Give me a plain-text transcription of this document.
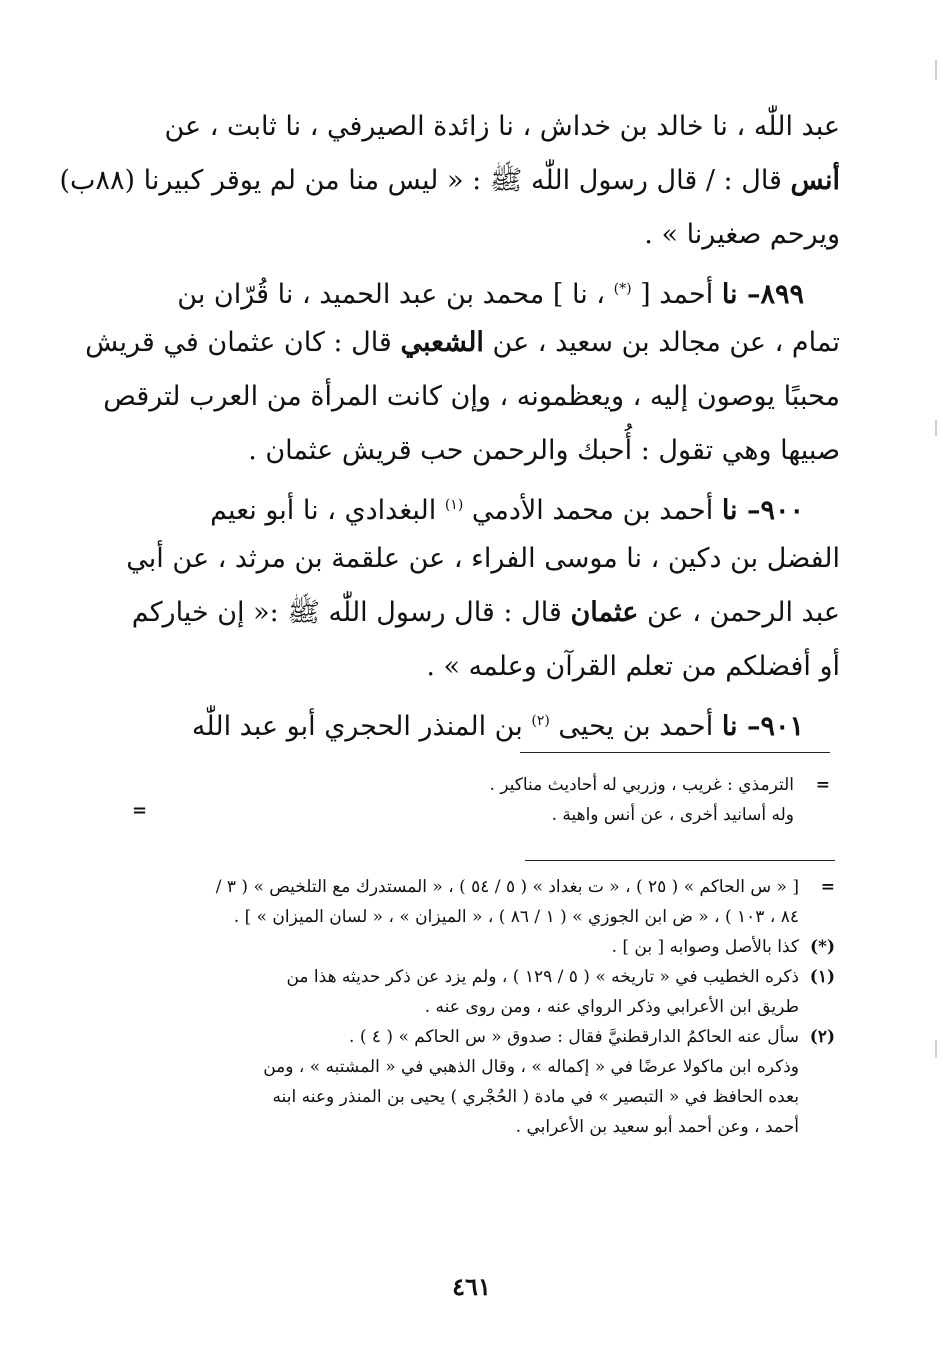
عبد اللّٰه ، نا خالد بن خداش ، نا زائدة الصيرفي ، نا ثابت ، عن
أنس قال : / قال رسول اللّٰه ﷺ : « ليس منا من لم يوقر كبيرنا (٨٨ب)
ويرحم صغيرنا » .
٨٩٩– نا أحمد [ (*) ، نا ] محمد بن عبد الحميد ، نا قُرّان بن
تمام ، عن مجالد بن سعيد ، عن الشعبي قال : كان عثمان في قريش
محببًا يوصون إليه ، ويعظمونه ، وإن كانت المرأة من العرب لترقص
صبيها وهي تقول : أُحبك والرحمن حب قريش عثمان .
٩٠٠– نا أحمد بن محمد الأدمي $^{(١)}$ البغدادي ، نا أبو نعيم
الفضل بن دكين ، نا موسى الفراء ، عن علقمة بن مرثد ، عن أبي
عبد الرحمن ، عن عثمان قال : قال رسول اللّٰه ﷺ :« إن خياركم
أو أفضلكم من تعلم القرآن وعلمه » .
٩٠١– نا أحمد بن يحيى $^{(٢)}$ بن المنذر الحجري أبو عبد اللّٰه
=الترمذي : غريب ، وزربي له أحاديث مناكير .
وله أسانيد أخرى ، عن أنس واهية .
=
=[ « س الحاكم » ( ٢٥ ) ، « ت بغداد » ( ٥ / ٥٤ ) ، « المستدرك مع التلخيص » ( ٣ /
٨٤ ، ١٠٣ ) ، « ض ابن الجوزي » ( ١ / ٨٦ ) ، « الميزان » ، « لسان الميزان » ] .
(*)كذا بالأصل وصوابه [ بن ] .
(١)ذكره الخطيب في « تاريخه » ( ٥ / ١٢٩ ) ، ولم يزد عن ذكر حديثه هذا من
طريق ابن الأعرابي وذكر الرواي عنه ، ومن روى عنه .
(٢)سأل عنه الحاكمُ الدارقطنيَّ فقال : صدوق « س الحاكم » ( ٤ ) .
وذكره ابن ماكولا عرضًا في « إكماله » ، وقال الذهبي في « المشتبه » ، ومن
بعده الحافظ في « التبصير » في مادة ( الحُجْري ) يحيى بن المنذر وعنه ابنه
أحمد ، وعن أحمد أبو سعيد بن الأعرابي .
٤٦١
